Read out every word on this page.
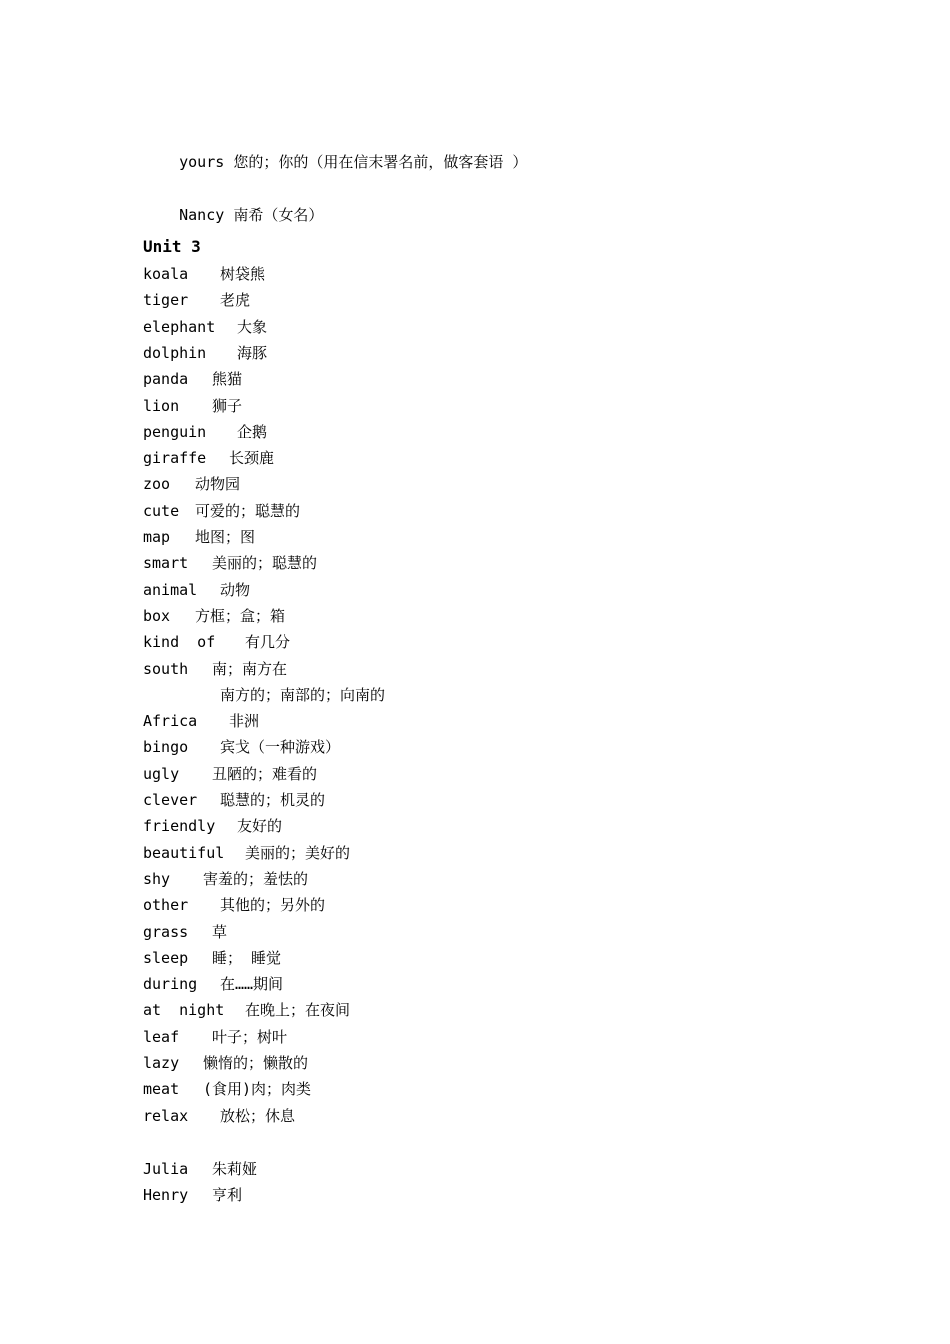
yours 您的；你的（用在信末署名前，做客套语 ）

Nancy 南希（女名）

Unit 3
koala 树袋熊
tiger 老虎
elephant 大象
dolphin 海豚
panda 熊猫
lion 狮子
penguin 企鹅
giraffe 长颈鹿
zoo 动物园
cute 可爱的；聪慧的
map 地图；图
smart 美丽的；聪慧的
animal 动物
box 方框；盒；箱
kind  of 有几分
south 南；南方在
南方的；南部的；向南的
Africa 非洲
bingo 宾戈（一种游戏）
ugly 丑陋的；难看的
clever 聪慧的；机灵的
friendly 友好的
beautiful 美丽的；美好的
shy 害羞的；羞怯的
other 其他的；另外的
grass 草
sleep 睡； 睡觉
during 在……期间
at  night 在晚上；在夜间
leaf 叶子；树叶
lazy 懒惰的；懒散的
meat (食用)肉；肉类
relax 放松；休息
Julia 朱莉娅
Henry 亨利
